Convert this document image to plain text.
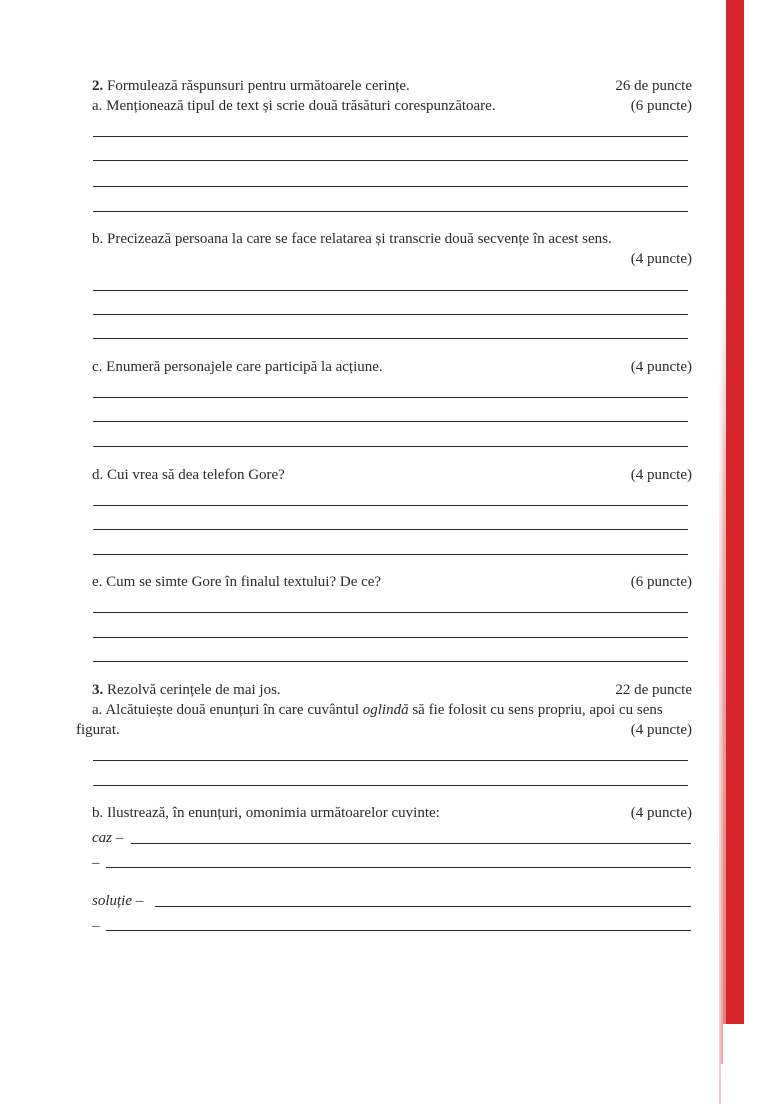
2. Formulează răspunsuri pentru următoarele cerințe.	26 de puncte
a. Menționează tipul de text și scrie două trăsături corespunzătoare.	(6 puncte)
b. Precizează persoana la care se face relatarea și transcrie două secvențe în acest sens.
(4 puncte)
c. Enumeră personajele care participă la acțiune.	(4 puncte)
d. Cui vrea să dea telefon Gore?	(4 puncte)
e. Cum se simte Gore în finalul textului? De ce?	(6 puncte)
3. Rezolvă cerințele de mai jos.	22 de puncte
a. Alcătuiește două enunțuri în care cuvântul oglindă să fie folosit cu sens propriu, apoi cu sens
figurat.	(4 puncte)
b. Ilustrează, în enunțuri, omonimia următoarelor cuvinte:	(4 puncte)
caz –
–
soluție –
–
